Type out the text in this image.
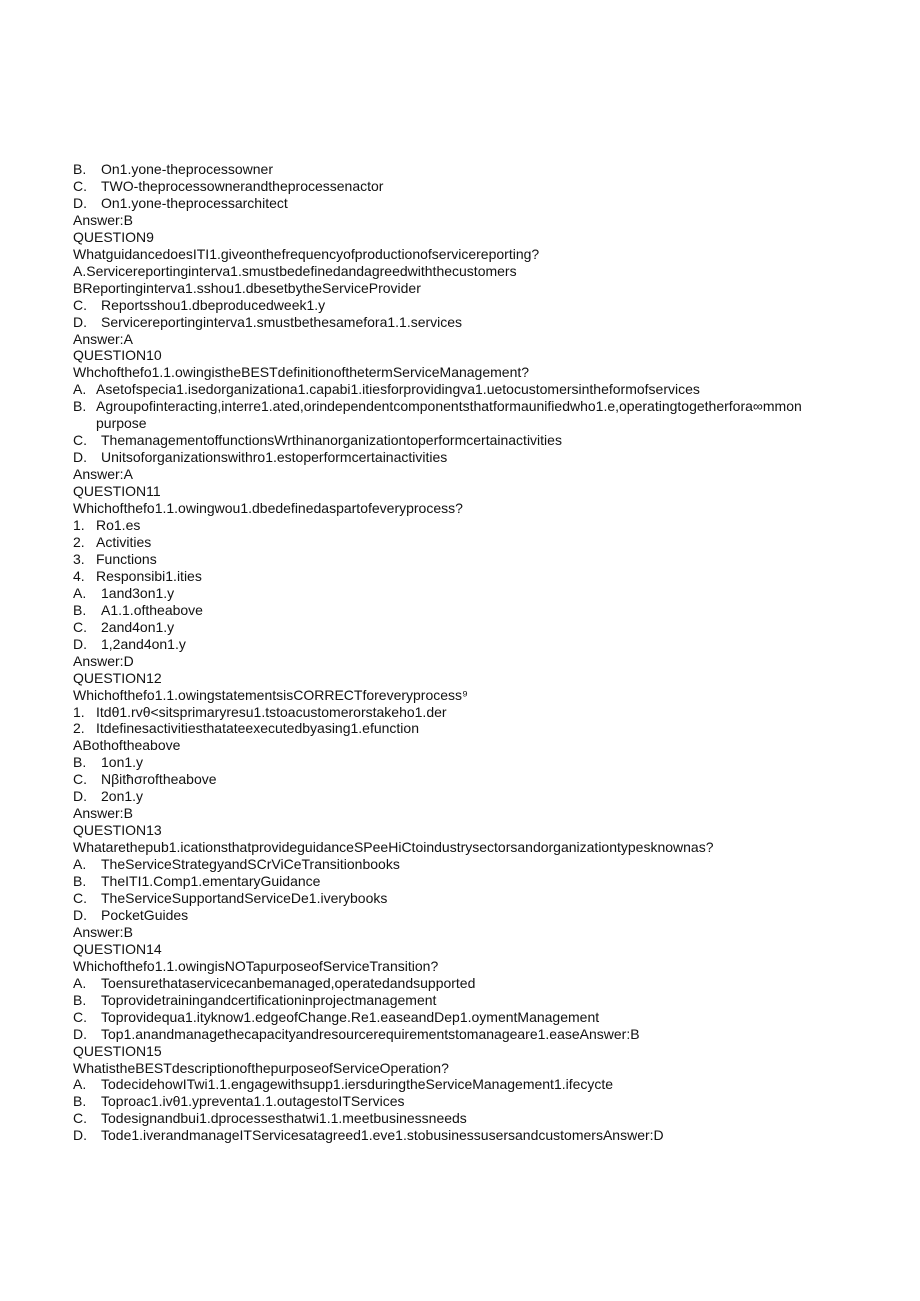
B.	On1.yone-theprocessowner
C.	TWO-theprocessownerandtheprocessenactor
D.	On1.yone-theprocessarchitect
Answer:B
QUESTION9
WhatguidancedoesITI1.giveonthefrequencyofproductionofservicereporting?
A.Servicereportinginterva1.smustbedefinedandagreedwiththecustomers
BReportinginterva1.sshou1.dbesetbytheServiceProvider
C.	Reportsshou1.dbeproducedweek1.y
D.	Servicereportinginterva1.smustbethesamefora1.1.services
Answer:A
QUESTION10
Whchofthefo1.1.owingistheBESTdefinitionofthetermServiceManagement?
A. Asetofspecia1.isedorganizationa1.capabi1.itiesforprovidingva1.uetocustomersintheformofservices
B. Agroupofinteracting,interre1.ated,orindependentcomponentsthatformaunifiedwho1.e,operatingtogetherfora∞mmon
purpose
C.	ThemanagementoffunctionsWrthinanorganizationtoperformcertainactivities
D.	Unitsoforganizationswithro1.estoperformcertainactivities
Answer:A
QUESTION11
Whichofthefo1.1.owingwou1.dbedefinedaspartofeveryprocess?
1. Ro1.es
2. Activities
3. Functions
4. Responsibi1.ities
A.	1and3on1.y
B.	A1.1.oftheabove
C.	2and4on1.y
D.	1,2and4on1.y
Answer:D
QUESTION12
Whichofthefo1.1.owingstatementsisCORRECTforeveryprocess⁹
1. Itdθ1.rvθ<sitsprimaryresu1.tstoacustomerorstakeho1.der
2. Itdefinesactivitiesthatateexecutedbyasing1.efunction
ABothoftheabove
B.	1on1.y
C.	Nβitħσroftheabove
D.	2on1.y
Answer:B
QUESTION13
Whatarethepub1.icationsthatprovideguidanceSPeeHiCtoindustrysectorsandorganizationtypesknownas?
A.	TheServiceStrategyandSCrViCeTransitionbooks
B.	TheITI1.Comp1.ementaryGuidance
C.	TheServiceSupportandServiceDe1.iverybooks
D.	PocketGuides
Answer:B
QUESTION14
Whichofthefo1.1.owingisNOTapurposeofServiceTransition?
A.	Toensurethataservicecanbemanaged,operatedandsupported
B.	Toprovidetrainingandcertificationinprojectmanagement
C.	Toprovidequa1.ityknow1.edgeofChange.Re1.easeandDep1.oymentManagement
D.	Top1.anandmanagethecapacityandresourcerequirementstomanageare1.easeAnswer:B
QUESTION15
WhatistheBESTdescriptionofthepurposeofServiceOperation?
A.	TodecidehowITwi1.1.engagewithsupp1.iersduringtheServiceManagement1.ifecycte
B.	Toproac1.ivθ1.ypreventa1.1.outagestoITServices
C.	Todesignandbui1.dprocessesthatwi1.1.meetbusinessneeds
D.	Tode1.iverandmanageITServicesatagreed1.eve1.stobusinessusersandcustomersAnswer:D
